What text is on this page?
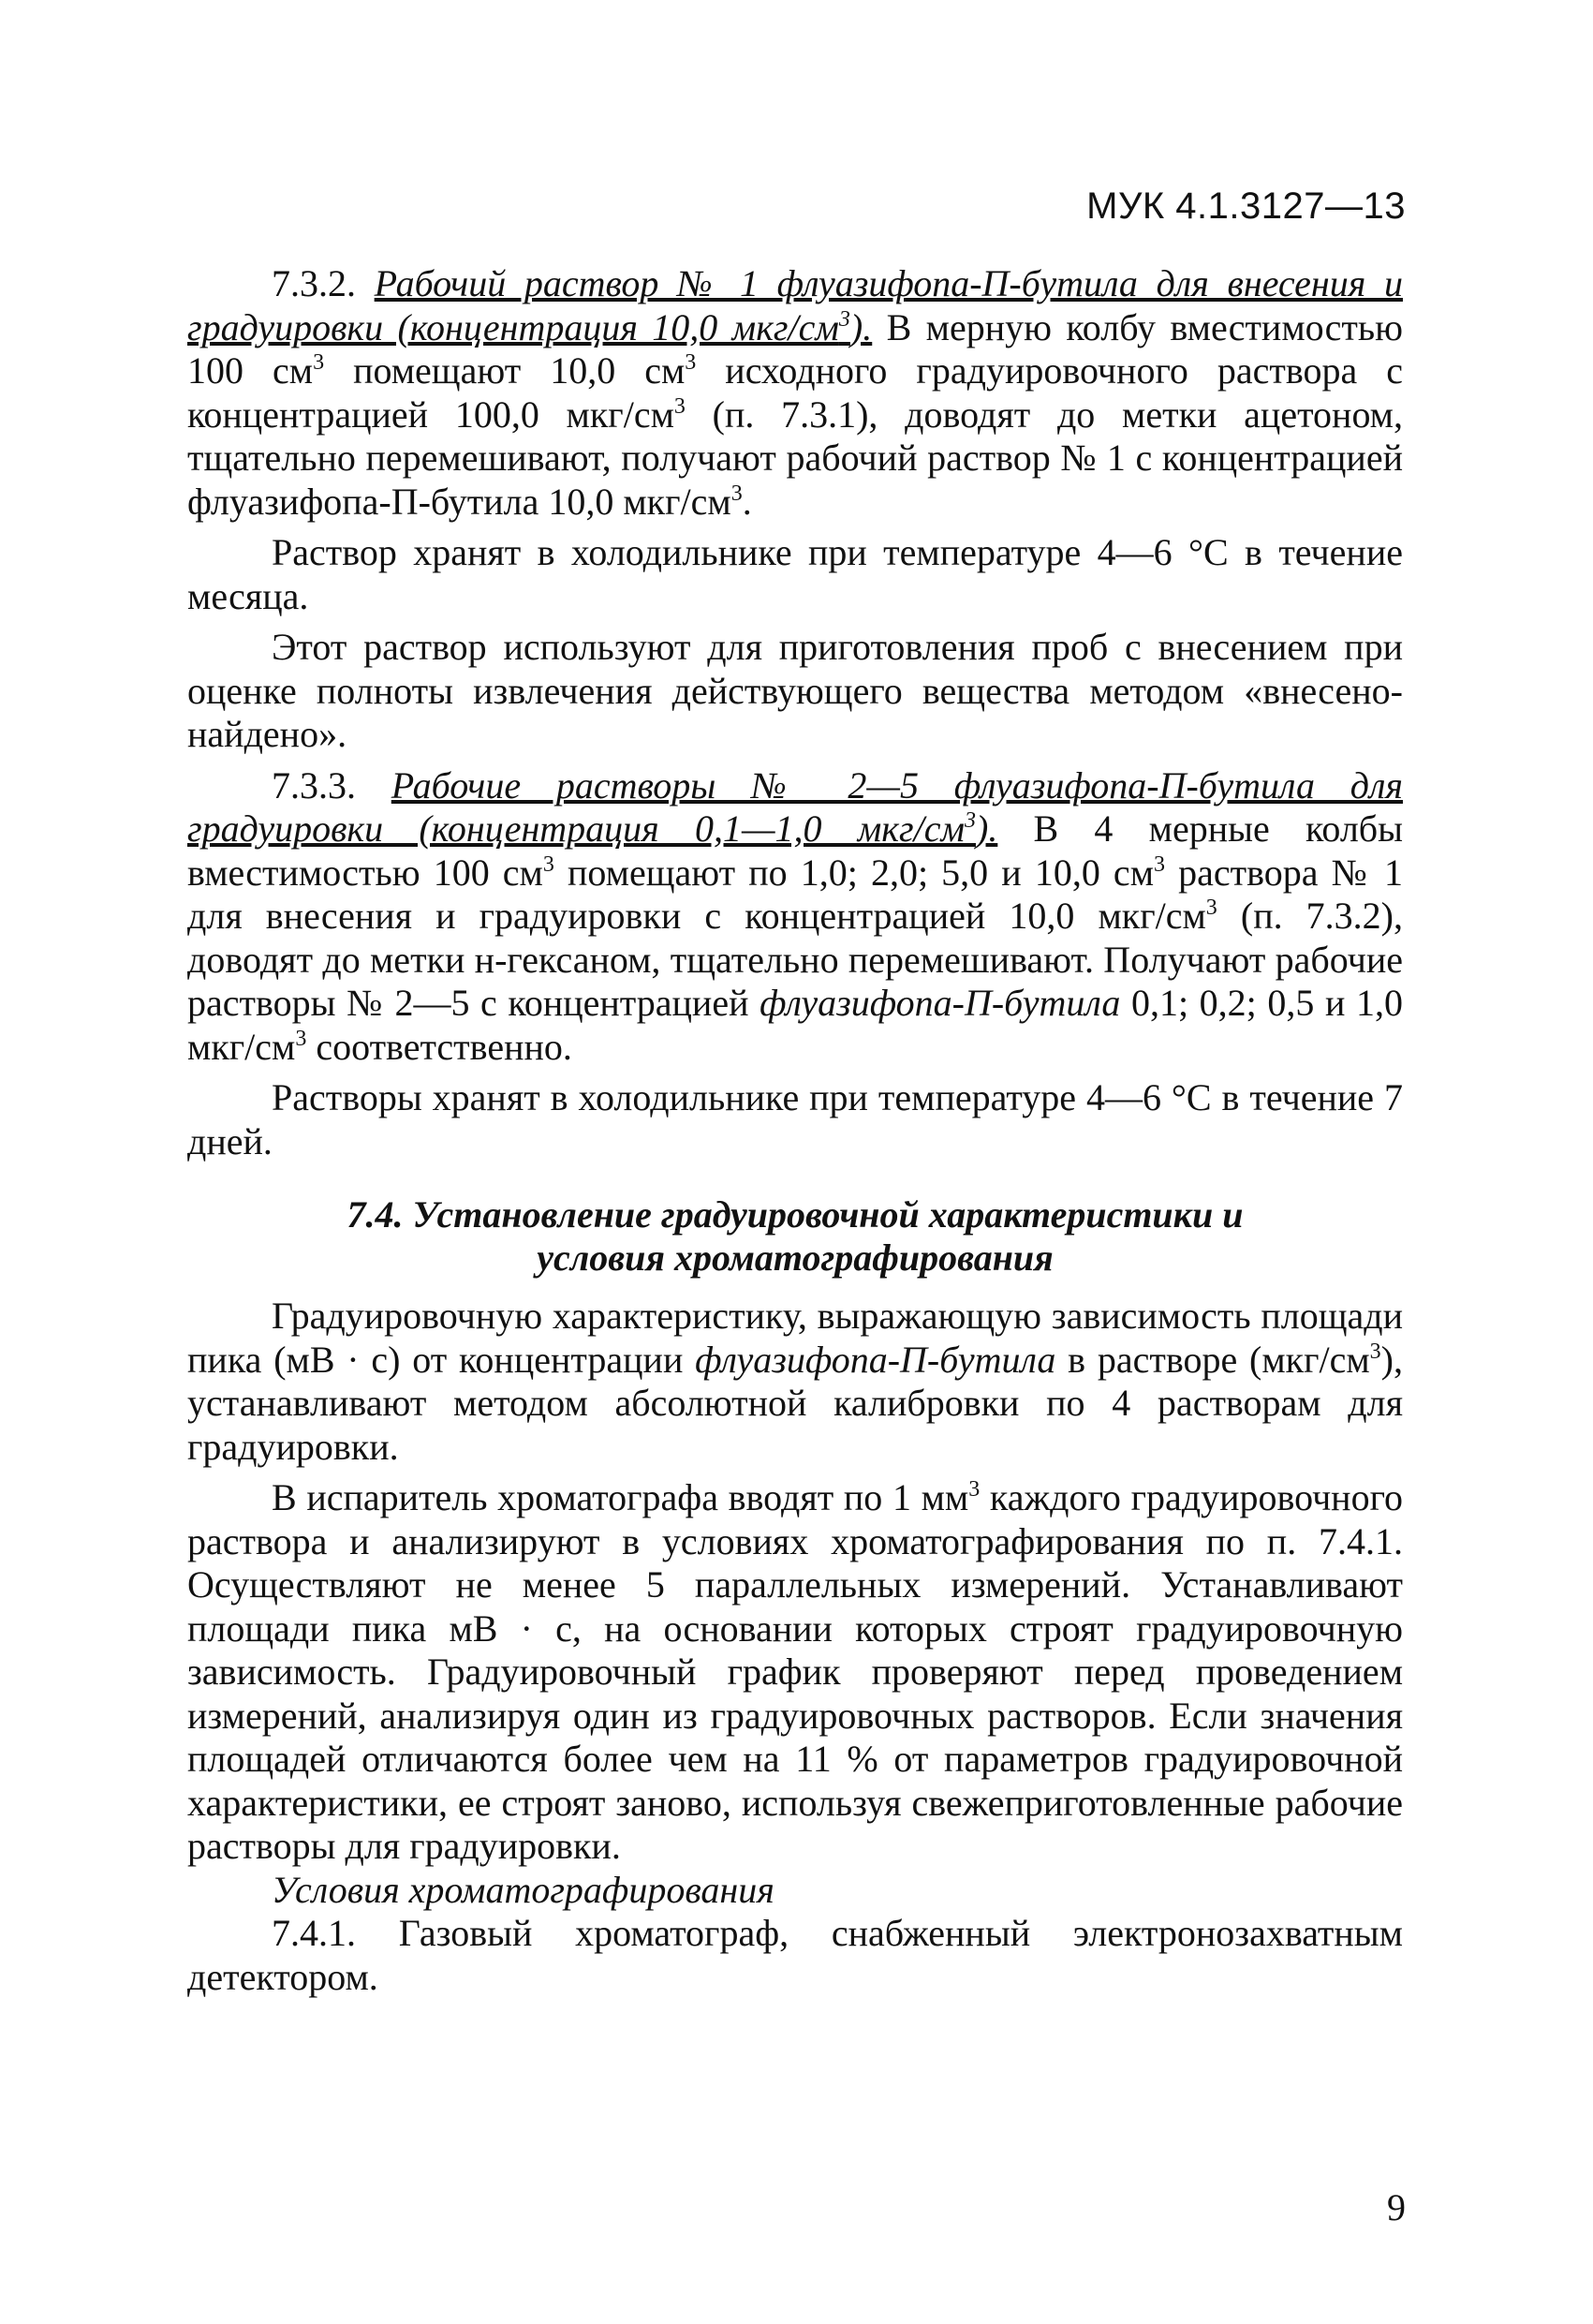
МУК 4.1.3127—13

7.3.2. Рабочий раствор № 1 флуазифопа-П-бутила для внесения и градуировки (концентрация 10,0 мкг/$см^3$). В мерную колбу вместимостью 100 $см^3$ помещают 10,0 $см^3$ исходного градуировочного раствора с концентрацией 100,0 мкг/$см^3$ (п. 7.3.1), доводят до метки ацетоном, тщательно перемешивают, получают рабочий раствор № 1 с концентрацией флуазифопа-П-бутила 10,0 мкг/$см^3$.

Раствор хранят в холодильнике при температуре 4—6 °С в течение месяца.

Этот раствор используют для приготовления проб с внесением при оценке полноты извлечения действующего вещества методом «внесено-найдено».

7.3.3. Рабочие растворы № 2—5 флуазифопа-П-бутила для градуировки (концентрация 0,1—1,0 мкг/$см^3$). В 4 мерные колбы вместимостью 100 $см^3$ помещают по 1,0; 2,0; 5,0 и 10,0 $см^3$ раствора № 1 для внесения и градуировки с концентрацией 10,0 мкг/$см^3$ (п. 7.3.2), доводят до метки н-гексаном, тщательно перемешивают. Получают рабочие растворы № 2—5 с концентрацией флуазифопа-П-бутила 0,1; 0,2; 0,5 и 1,0 мкг/$см^3$ соответственно.

Растворы хранят в холодильнике при температуре 4—6 °С в течение 7 дней.

7.4. Установление градуировочной характеристики и
условия хроматографирования

Градуировочную характеристику, выражающую зависимость площади пика (мВ · с) от концентрации флуазифопа-П-бутила в растворе $(мкг/см^3)$, устанавливают методом абсолютной калибровки по 4 растворам для градуировки.

В испаритель хроматографа вводят по 1 $мм^3$ каждого градуировочного раствора и анализируют в условиях хроматографирования по п. 7.4.1. Осуществляют не менее 5 параллельных измерений. Устанавливают площади пика мВ · с, на основании которых строят градуировочную зависимость. Градуировочный график проверяют перед проведением измерений, анализируя один из градуировочных растворов. Если значения площадей отличаются более чем на 11 % от параметров градуировочной характеристики, ее строят заново, используя свежеприготовленные рабочие растворы для градуировки.

Условия хроматографирования

7.4.1. Газовый хроматограф, снабженный электронозахватным детектором.

9
